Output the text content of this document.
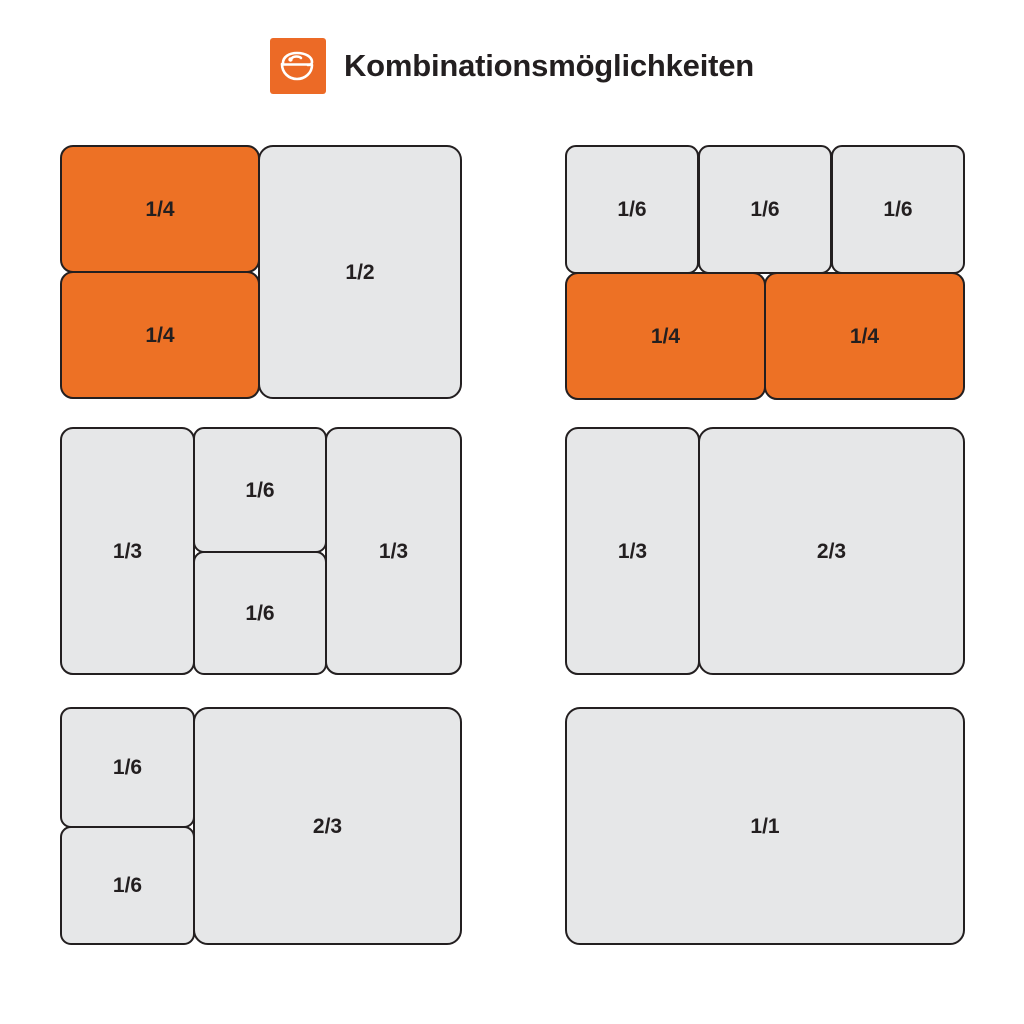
Kombinationsmöglichkeiten
1/4
1/4
1/2
1/6	1/6	1/6
1/4	1/4
1/3
1/6
1/6
1/3	1/3	2/3
1/6
1/6
2/3	1/1
